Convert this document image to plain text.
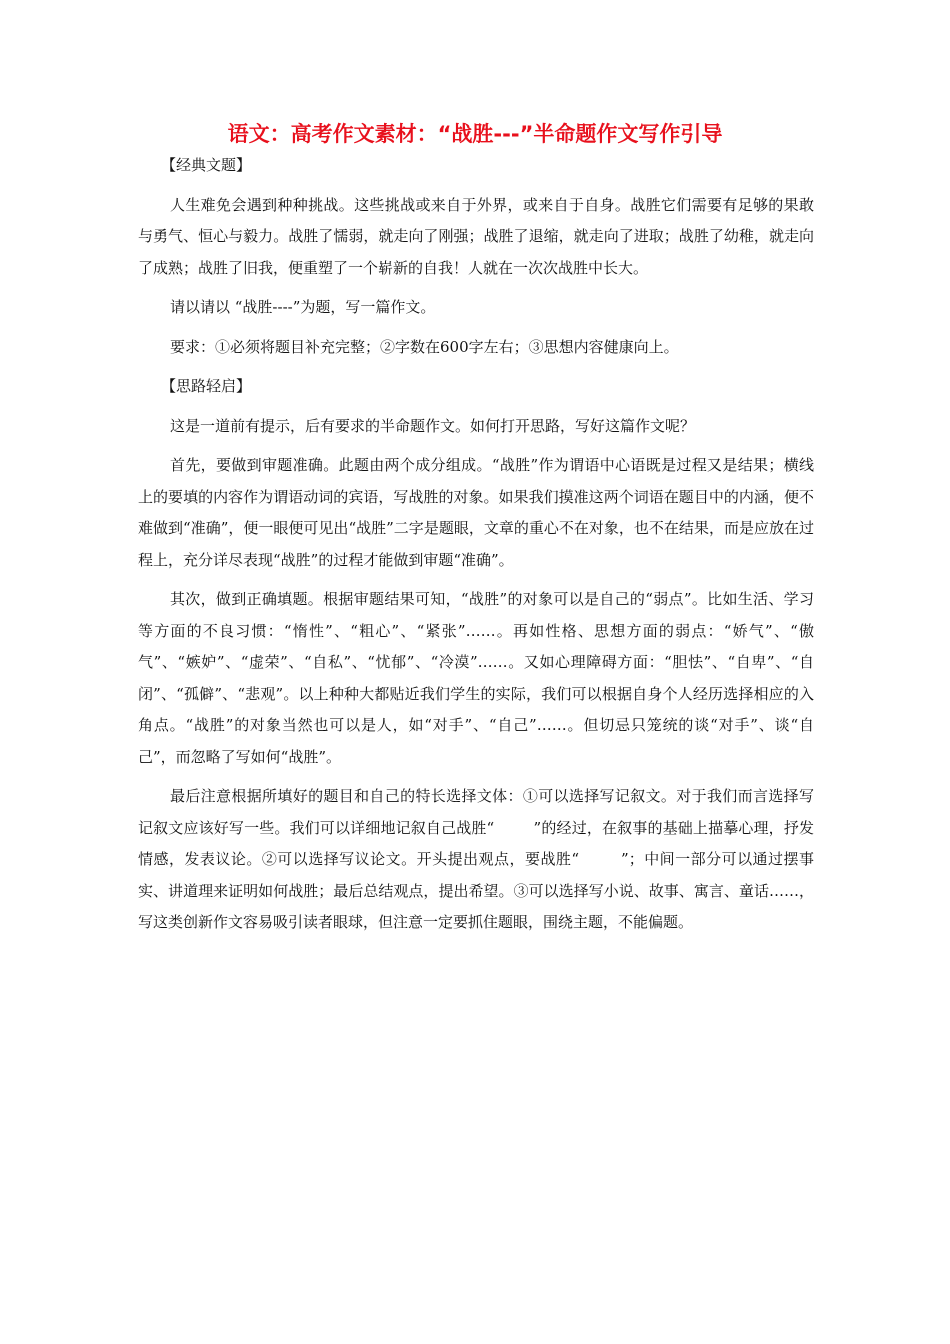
语文：高考作文素材：“战胜---”半命题作文写作引导

【经典文题】

人生难免会遇到种种挑战。这些挑战或来自于外界，或来自于自身。战胜它们需要有足够的果敢与勇气、恒心与毅力。战胜了懦弱，就走向了刚强；战胜了退缩，就走向了进取；战胜了幼稚，就走向了成熟；战胜了旧我，便重塑了一个崭新的自我！人就在一次次战胜中长大。

请以请以 “战胜----”为题，写一篇作文。

要求：①必须将题目补充完整；②字数在600字左右；③思想内容健康向上。

【思路轻启】

这是一道前有提示，后有要求的半命题作文。如何打开思路，写好这篇作文呢？

首先，要做到审题准确。此题由两个成分组成。“战胜”作为谓语中心语既是过程又是结果；横线上的要填的内容作为谓语动词的宾语，写战胜的对象。如果我们摸准这两个词语在题目中的内涵，便不难做到“准确”，便一眼便可见出“战胜”二字是题眼，文章的重心不在对象，也不在结果，而是应放在过程上，充分详尽表现“战胜”的过程才能做到审题“准确”。

其次，做到正确填题。根据审题结果可知，“战胜”的对象可以是自己的“弱点”。比如生活、学习等方面的不良习惯：“惰性”、“粗心”、“紧张”……。再如性格、思想方面的弱点：“娇气”、“傲气”、“嫉妒”、“虚荣”、“自私”、“忧郁”、“冷漠”……。又如心理障碍方面：“胆怯”、“自卑”、“自闭”、“孤僻”、“悲观”。以上种种大都贴近我们学生的实际，我们可以根据自身个人经历选择相应的入角点。“战胜”的对象当然也可以是人，如“对手”、“自己”……。但切忌只笼统的谈“对手”、谈“自己”，而忽略了写如何“战胜”。

最后注意根据所填好的题目和自己的特长选择文体：①可以选择写记叙文。对于我们而言选择写记叙文应该好写一些。我们可以详细地记叙自己战胜“        ”的经过，在叙事的基础上描摹心理，抒发情感，发表议论。②可以选择写议论文。开头提出观点，要战胜“        ”；中间一部分可以通过摆事实、讲道理来证明如何战胜；最后总结观点，提出希望。③可以选择写小说、故事、寓言、童话……，写这类创新作文容易吸引读者眼球，但注意一定要抓住题眼，围绕主题，不能偏题。
